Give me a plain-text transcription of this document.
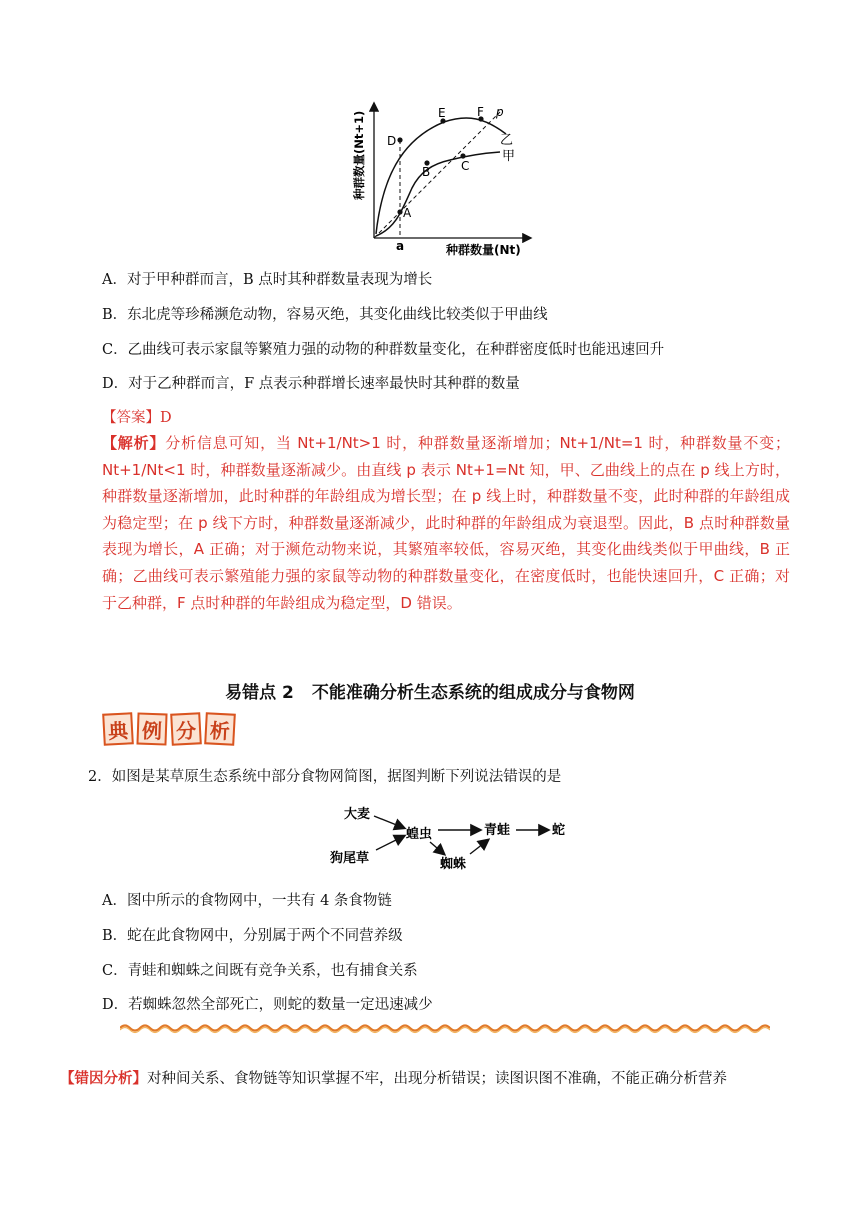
种群数量(Nt+1)
种群数量(Nt)
D
E	F
B	C
A
a
p
乙
甲
A．对于甲种群而言，B 点时其种群数量表现为增长
B．东北虎等珍稀濒危动物，容易灭绝，其变化曲线比较类似于甲曲线
C．乙曲线可表示家鼠等繁殖力强的动物的种群数量变化，在种群密度低时也能迅速回升
D．对于乙种群而言，F 点表示种群增长速率最快时其种群的数量
【答案】D
【解析】分析信息可知，当 Nt+1/Nt>1 时，种群数量逐渐增加；Nt+1/Nt=1 时，种群数量不变；Nt+1/Nt<1 时，种群数量逐渐减少。由直线 p 表示 Nt+1=Nt 知，甲、乙曲线上的点在 p 线上方时，种群数量逐渐增加，此时种群的年龄组成为增长型；在 p 线上时，种群数量不变，此时种群的年龄组成为稳定型；在 p 线下方时，种群数量逐渐减少，此时种群的年龄组成为衰退型。因此，B 点时种群数量表现为增长，A 正确；对于濒危动物来说，其繁殖率较低，容易灭绝，其变化曲线类似于甲曲线，B 正确；乙曲线可表示繁殖能力强的家鼠等动物的种群数量变化，在密度低时，也能快速回升，C 正确；对于乙种群，F 点时种群的年龄组成为稳定型，D 错误。
易错点 2 不能准确分析生态系统的组成成分与食物网
典 例 分 析
2．如图是某草原生态系统中部分食物网简图，据图判断下列说法错误的是
大麦
狗尾草
蝗虫	青蛙	蛇
蜘蛛
A．图中所示的食物网中，一共有 4 条食物链
B．蛇在此食物网中，分别属于两个不同营养级
C．青蛙和蜘蛛之间既有竞争关系，也有捕食关系
D．若蜘蛛忽然全部死亡，则蛇的数量一定迅速减少
【错因分析】对种间关系、食物链等知识掌握不牢，出现分析错误；读图识图不准确，不能正确分析营养
